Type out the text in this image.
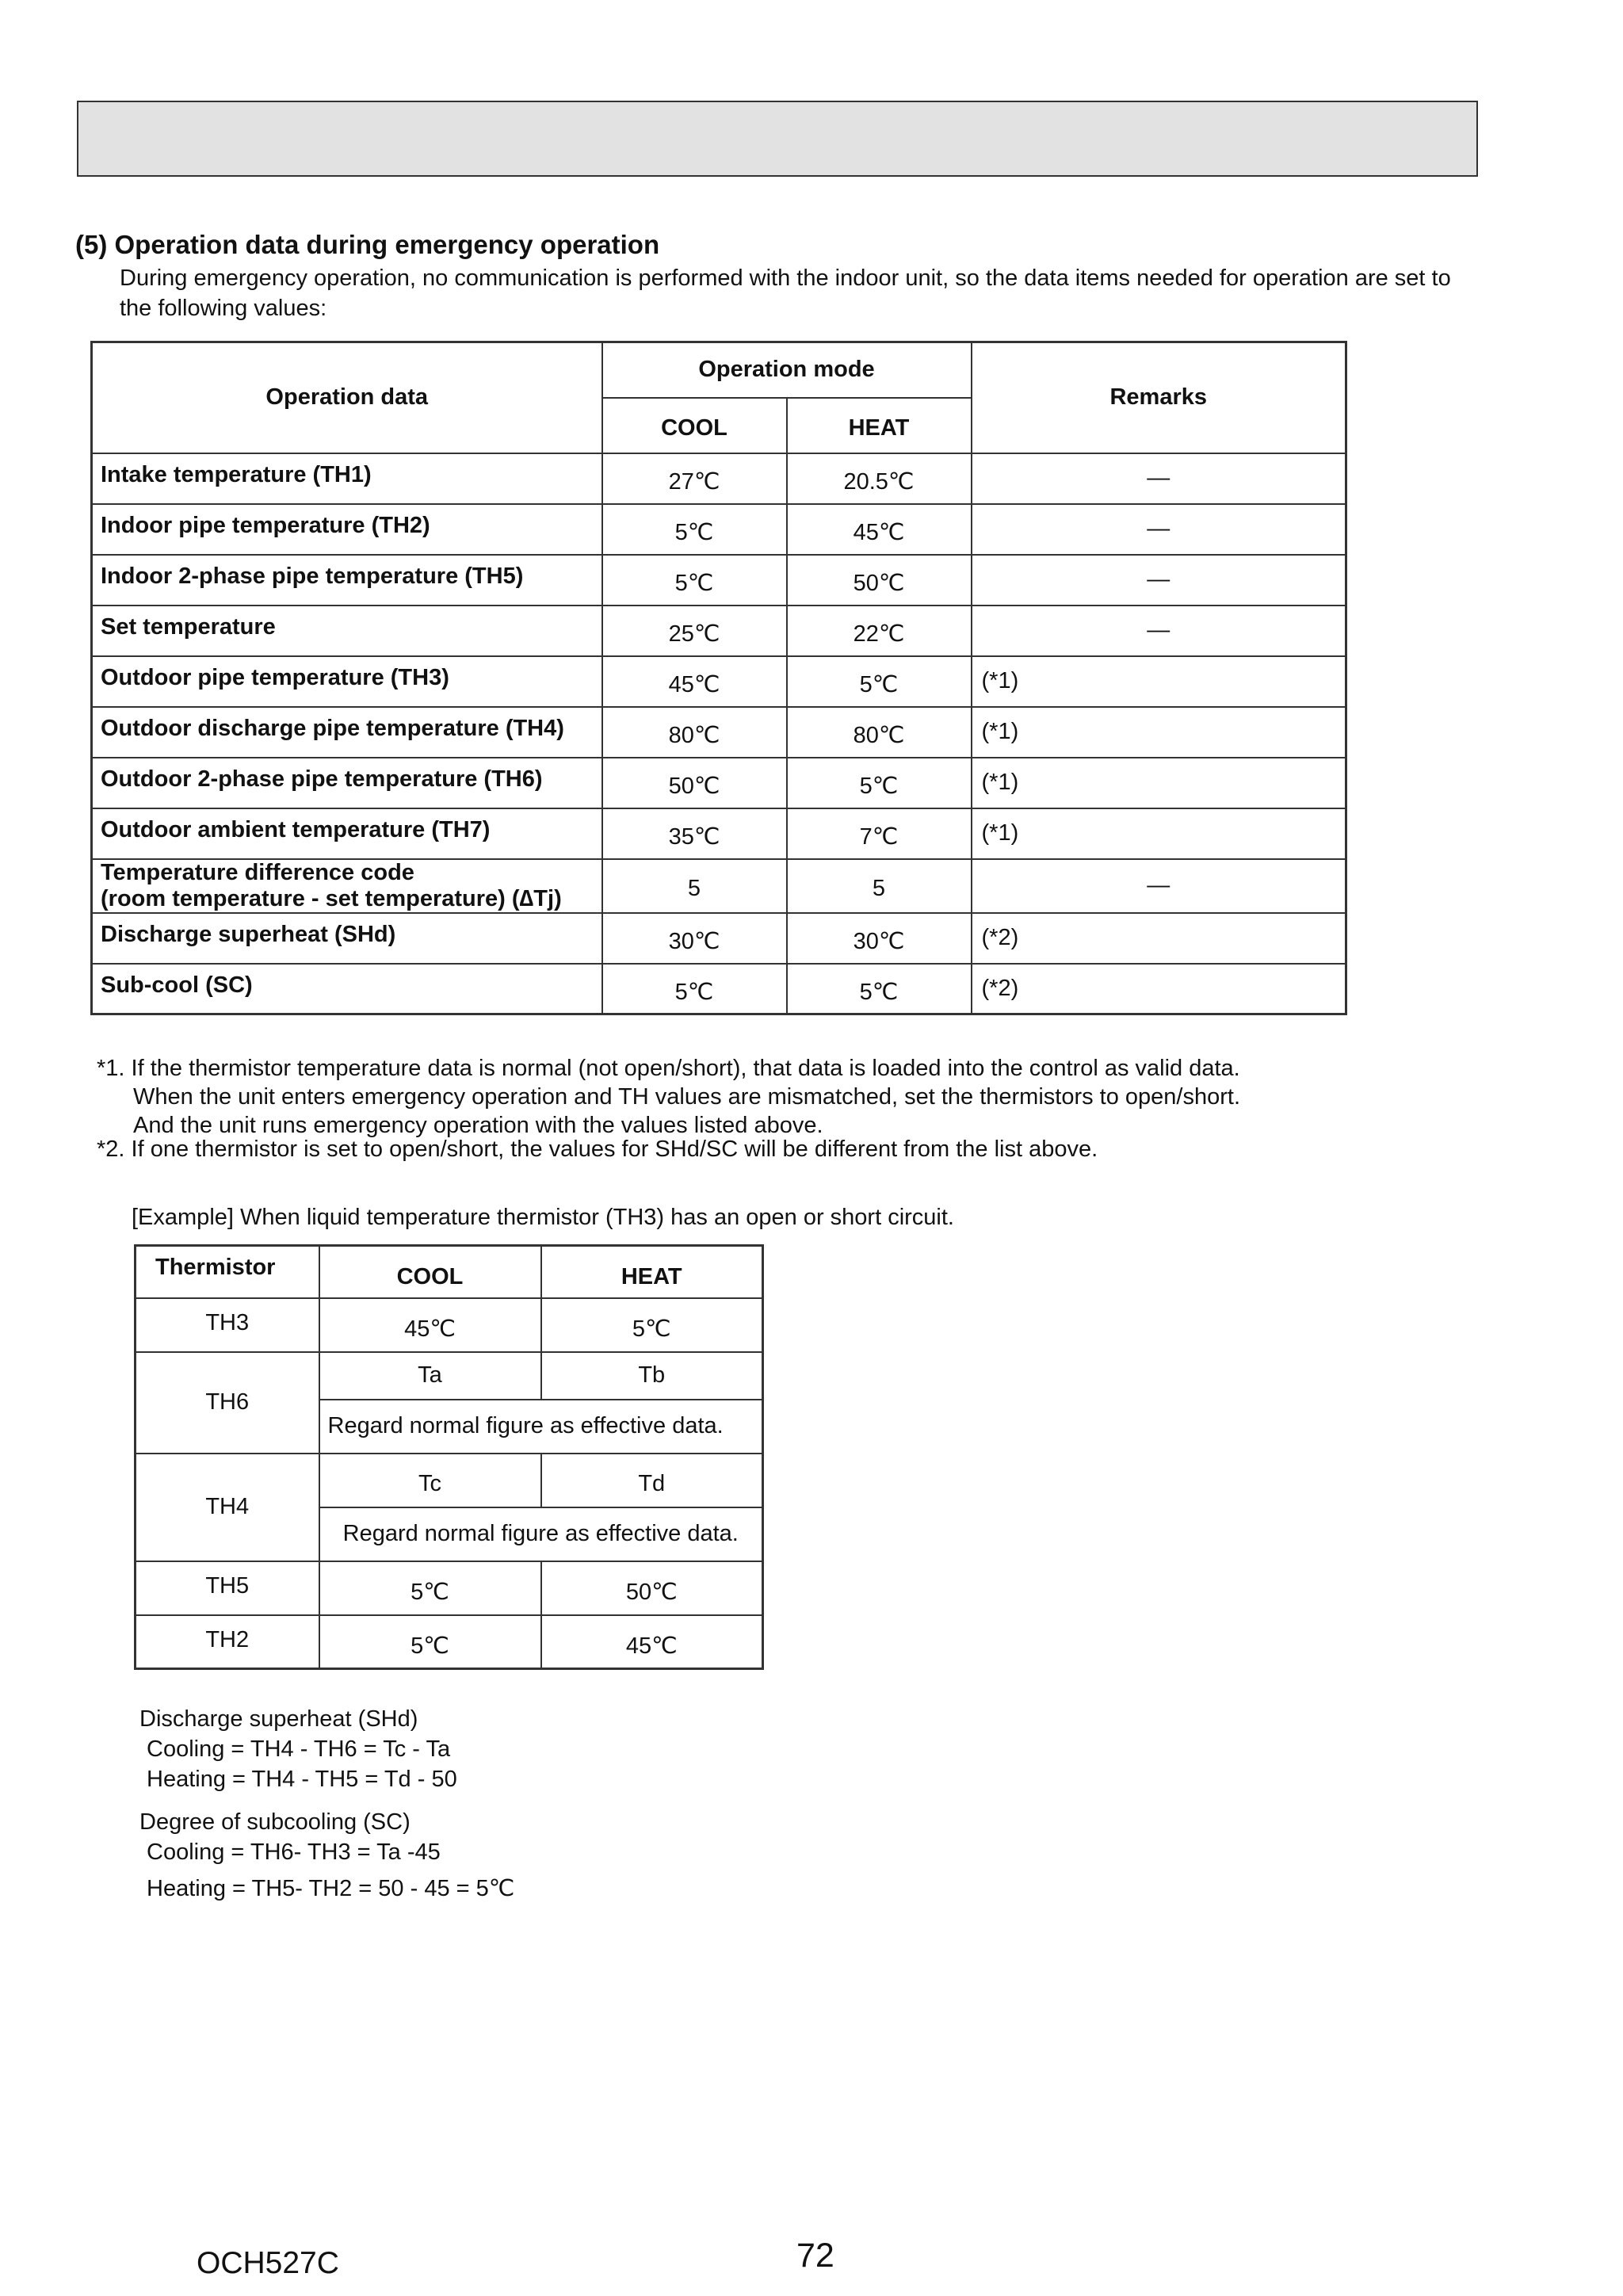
(5) Operation data during emergency operation
During emergency operation, no communication is performed with the indoor unit, so the data items needed for operation are set to the following values:
Operation data	Operation mode		Remarks
	COOL	HEAT	
Intake temperature (TH1)	27℃	20.5℃	—
Indoor pipe temperature (TH2)	5℃	45℃	—
Indoor 2-phase pipe temperature (TH5)	5℃	50℃	—
Set temperature	25℃	22℃	—
Outdoor pipe temperature (TH3)	45℃	5℃	(*1)
Outdoor discharge pipe temperature (TH4)	80℃	80℃	(*1)
Outdoor 2-phase pipe temperature (TH6)	50℃	5℃	(*1)
Outdoor ambient temperature (TH7)	35℃	7℃	(*1)

Temperature difference code
(room temperature - set temperature) (∆Tj)	5	5	—
Discharge superheat (SHd)	30℃	30℃	(*2)
Sub-cool (SC)	5℃	5℃	(*2)
*1. If the thermistor temperature data is normal (not open/short), that data is loaded into the control as valid data.
When the unit enters emergency operation and TH values are mismatched, set the thermistors to open/short.
And the unit runs emergency operation with the values listed above.
*2. If one thermistor is set to open/short, the values for SHd/SC will be different from the list above.
[Example] When liquid temperature thermistor (TH3) has an open or short circuit.
Thermistor	COOL	HEAT
TH3	45℃	5℃
TH6	Ta	Tb
	Regard normal figure as effective data.	
TH4	Tc	Td
	Regard normal figure as effective data.	
TH5	5℃	50℃
TH2	5℃	45℃
Discharge superheat (SHd)
Cooling = TH4 - TH6 = Tc - Ta
Heating = TH4 - TH5 = Td - 50
Degree of subcooling (SC)
Cooling = TH6- TH3 = Ta -45
Heating = TH5- TH2 = 50 - 45 = 5℃
OCH527C	72
